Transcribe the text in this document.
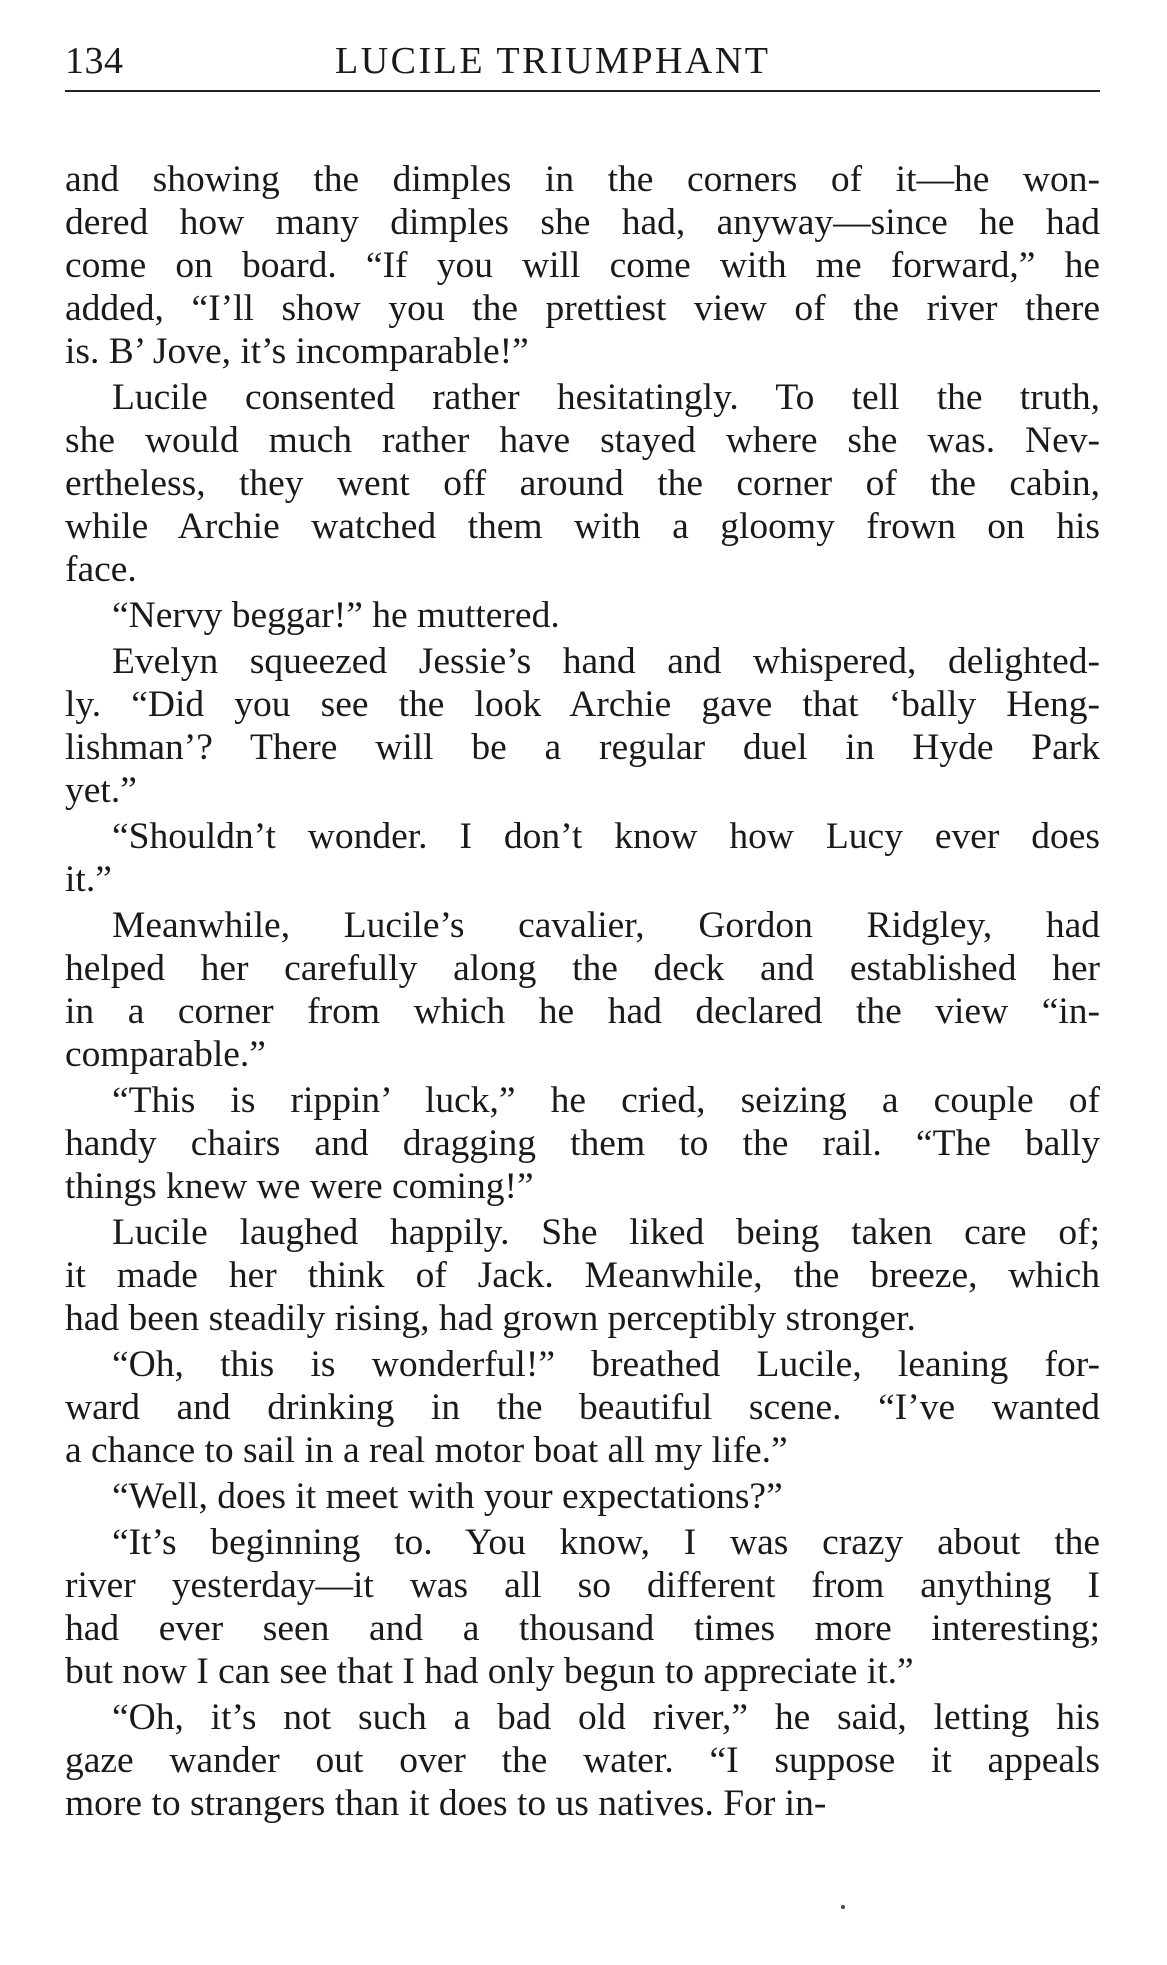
134	LUCILE TRIUMPHANT
and showing the dimples in the corners of it—he won-
dered how many dimples she had, anyway—since he had
come on board. “If you will come with me forward,” he
added, “I’ll show you the prettiest view of the river there
is. B’ Jove, it’s incomparable!”
Lucile consented rather hesitatingly. To tell the truth,
she would much rather have stayed where she was. Nev-
ertheless, they went off around the corner of the cabin,
while Archie watched them with a gloomy frown on his
face.
“Nervy beggar!” he muttered.
Evelyn squeezed Jessie’s hand and whispered, delighted-
ly. “Did you see the look Archie gave that ‘bally Heng-
lishman’? There will be a regular duel in Hyde Park
yet.”
“Shouldn’t wonder. I don’t know how Lucy ever does
it.”
Meanwhile, Lucile’s cavalier, Gordon Ridgley, had
helped her carefully along the deck and established her
in a corner from which he had declared the view “in-
comparable.”
“This is rippin’ luck,” he cried, seizing a couple of
handy chairs and dragging them to the rail. “The bally
things knew we were coming!”
Lucile laughed happily. She liked being taken care of;
it made her think of Jack. Meanwhile, the breeze, which
had been steadily rising, had grown perceptibly stronger.
“Oh, this is wonderful!” breathed Lucile, leaning for-
ward and drinking in the beautiful scene. “I’ve wanted
a chance to sail in a real motor boat all my life.”
“Well, does it meet with your expectations?”
“It’s beginning to. You know, I was crazy about the
river yesterday—it was all so different from anything I
had ever seen and a thousand times more interesting;
but now I can see that I had only begun to appreciate it.”
“Oh, it’s not such a bad old river,” he said, letting his
gaze wander out over the water. “I suppose it appeals
more to strangers than it does to us natives. For in-
